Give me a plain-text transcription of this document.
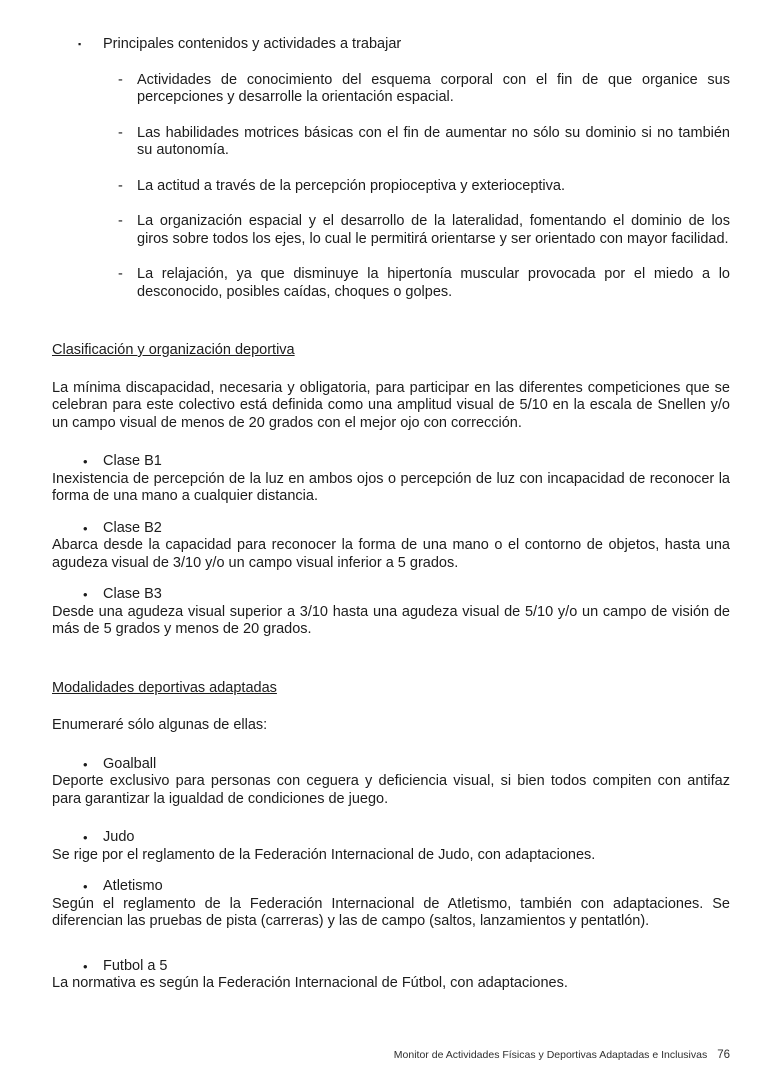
▪	Principales contenidos y actividades a trabajar
- Actividades de conocimiento del esquema corporal con el fin de que organice sus percepciones y desarrolle la orientación espacial.

- Las habilidades motrices básicas con el fin de aumentar no sólo su dominio si no también su autonomía.

- La actitud a través de la percepción propioceptiva y exterioceptiva.

- La organización espacial y el desarrollo de la lateralidad, fomentando el dominio de los giros sobre todos los ejes, lo cual le permitirá orientarse y ser orientado con mayor facilidad.

- La relajación, ya que disminuye la hipertonía muscular provocada por el miedo a lo desconocido, posibles caídas, choques o golpes.

Clasificación y organización deportiva

La mínima discapacidad, necesaria y obligatoria, para participar en las diferentes competiciones que se celebran para este colectivo está definida como una amplitud visual de 5/10 en la escala de Snellen y/o un campo visual de menos de 20 grados con el mejor ojo con corrección.

•	Clase B1

Inexistencia de percepción de la luz en ambos ojos o percepción de luz con incapacidad de reconocer la forma de una mano a cualquier distancia.

•	Clase B2

Abarca desde la capacidad para reconocer la forma de una mano o el contorno de objetos, hasta una agudeza visual de 3/10 y/o un campo visual inferior a 5 grados.

•	Clase B3

Desde una agudeza visual superior a 3/10 hasta una agudeza visual de 5/10 y/o un campo de visión de más de 5 grados y menos de 20 grados.

Modalidades deportivas adaptadas

Enumeraré sólo algunas de ellas:

•	Goalball

Deporte exclusivo para personas con ceguera y deficiencia visual, si bien todos compiten con antifaz para garantizar la igualdad de condiciones de juego.

•	Judo

Se rige por el reglamento de la Federación Internacional de Judo, con adaptaciones.

•	Atletismo

Según el reglamento de la Federación Internacional de Atletismo, también con adaptaciones. Se diferencian las pruebas de pista (carreras) y las de campo (saltos, lanzamientos y pentatlón).

•	Futbol a 5

La normativa es según la Federación Internacional de Fútbol, con adaptaciones.

Monitor de Actividades Físicas y Deportivas Adaptadas e Inclusivas 76
